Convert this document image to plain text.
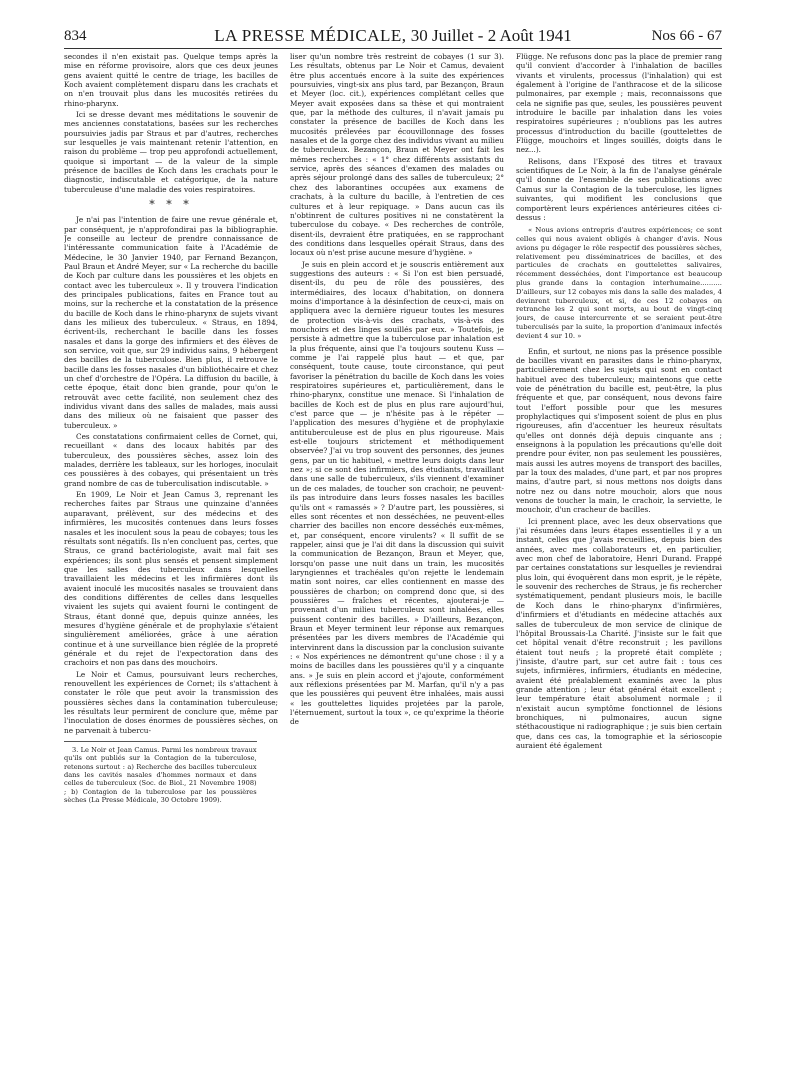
834	LA PRESSE MÉDICALE, 30 Juillet - 2 Août 1941	Nos 66 - 67

secondes il n'en existait pas. Quelque temps après la mise en réforme provisoire, alors que ces deux jeunes gens avaient quitté le centre de triage, les bacilles de Koch avaient complètement disparu dans les crachats et on n'en trouvait plus dans les mucosités retirées du rhino-pharynx.

Ici se dresse devant mes méditations le souvenir de mes anciennes constatations, basées sur les recherches poursuivies jadis par Straus et par d'autres, recherches sur lesquelles je vais maintenant retenir l'attention, en raison du problème — trop peu approfondi actuellement, quoique si important — de la valeur de la simple présence de bacilles de Koch dans les crachats pour le diagnostic, indiscutable et catégorique, de la nature tuberculeuse d'une maladie des voies respiratoires.

* * *

Je n'ai pas l'intention de faire une revue générale et, par conséquent, je n'approfondirai pas la bibliographie. Je conseille au lecteur de prendre connaissance de l'intéressante communication faite à l'Académie de Médecine, le 30 Janvier 1940, par Fernand Bezançon, Paul Braun et André Meyer, sur « La recherche du bacille de Koch par culture dans les poussières et les objets en contact avec les tuberculeux ». Il y trouvera l'indication des principales publications, faites en France tout au moins, sur la recherche et la constatation de la présence du bacille de Koch dans le rhino-pharynx de sujets vivant dans les milieux des tuberculeux. « Straus, en 1894, écrivent-ils, recherchant le bacille dans les fosses nasales et dans la gorge des infirmiers et des élèves de son service, voit que, sur 29 individus sains, 9 hébergent des bacilles de la tuberculose. Bien plus, il retrouve le bacille dans les fosses nasales d'un bibliothécaire et chez un chef d'orchestre de l'Opéra. La diffusion du bacille, à cette époque, était donc bien grande, pour qu'on le retrouvât avec cette facilité, non seulement chez des individus vivant dans des salles de malades, mais aussi dans des milieux où ne faisaient que passer des tuberculeux. »

Ces constatations confirmaient celles de Cornet, qui, recueillant « dans des locaux habités par des tuberculeux, des poussières sèches, assez loin des malades, derrière les tableaux, sur les horloges, inoculait ces poussières à des cobayes, qui présentaient un très grand nombre de cas de tuberculisation indiscutable. »

En 1909, Le Noir et Jean Camus 3, reprenant les recherches faites par Straus une quinzaine d'années auparavant, prélèvent, sur des médecins et des infirmières, les mucosités contenues dans leurs fosses nasales et les inoculent sous la peau de cobayes; tous les résultats sont négatifs. Ils n'en concluent pas, certes, que Straus, ce grand bactériologiste, avait mal fait ses expériences; ils sont plus sensés et pensent simplement que les salles des tuberculeux dans lesquelles travaillaient les médecins et les infirmières dont ils avaient inoculé les mucosités nasales se trouvaient dans des conditions différentes de celles dans lesquelles vivaient les sujets qui avaient fourni le contingent de Straus, étant donné que, depuis quinze années, les mesures d'hygiène générale et de prophylaxie s'étaient singulièrement améliorées, grâce à une aération continue et à une surveillance bien réglée de la propreté générale et du rejet de l'expectoration dans des crachoirs et non pas dans des mouchoirs.

Le Noir et Camus, poursuivant leurs recherches, renouvellent les expériences de Cornet; ils s'attachent à constater le rôle que peut avoir la transmission des poussières sèches dans la contamination tuberculeuse; les résultats leur permirent de conclure que, même par l'inoculation de doses énormes de poussières sèches, on ne parvenait à tubercu-

3. Le Noir et Jean Camus. Parmi les nombreux travaux qu'ils ont publiés sur la Contagion de la tuberculose, retenons surtout : a) Recherche des bacilles tuberculeux dans les cavités nasales d'hommes normaux et dans celles de tuberculeux (Soc. de Biol., 21 Novembre 1908) ; b) Contagion de la tuberculose par les poussières sèches (La Presse Médicale, 30 Octobre 1909).

liser qu'un nombre très restreint de cobayes (1 sur 3). Les résultats, obtenus par Le Noir et Camus, devaient être plus accentués encore à la suite des expériences poursuivies, vingt-six ans plus tard, par Bezançon, Braun et Meyer (loc. cit.), expériences complétant celles que Meyer avait exposées dans sa thèse et qui montraient que, par la méthode des cultures, il n'avait jamais pu constater la présence de bacilles de Koch dans les mucosités prélevées par écouvillonnage des fosses nasales et de la gorge chez des individus vivant au milieu de tuberculeux. Bezançon, Braun et Meyer ont fait les mêmes recherches : « 1° chez différents assistants du service, après des séances d'examen des malades ou après séjour prolongé dans des salles de tuberculeux; 2° chez des laborantines occupées aux examens de crachats, à la culture du bacille, à l'entretien de ces cultures et à leur repiquage. » Dans aucun cas ils n'obtinrent de cultures positives ni ne constatèrent la tuberculose du cobaye. « Des recherches de contrôle, disent-ils, devraient être pratiquées, en se rapprochant des conditions dans lesquelles opérait Straus, dans des locaux où n'est prise aucune mesure d'hygiène. »

Je suis en plein accord et je souscris entièrement aux suggestions des auteurs : « Si l'on est bien persuadé, disent-ils, du peu de rôle des poussières, des intermédiaires, des locaux d'habitation, on donnera moins d'importance à la désinfection de ceux-ci, mais on appliquera avec la dernière rigueur toutes les mesures de protection vis-à-vis des crachats, vis-à-vis des mouchoirs et des linges souillés par eux. » Toutefois, je persiste à admettre que la tuberculose par inhalation est la plus fréquente, ainsi que l'a toujours soutenu Kuss — comme je l'ai rappelé plus haut — et que, par conséquent, toute cause, toute circonstance, qui peut favoriser la pénétration du bacille de Koch dans les voies respiratoires supérieures et, particulièrement, dans le rhino-pharynx, constitue une menace. Si l'inhalation de bacilles de Koch est de plus en plus rare aujourd'hui, c'est parce que — je n'hésite pas à le répéter — l'application des mesures d'hygiène et de prophylaxie antituberculeuse est de plus en plus rigoureuse. Mais est-elle toujours strictement et méthodiquement observée? J'ai vu trop souvent des personnes, des jeunes gens, par un tic habituel, « mettre leurs doigts dans leur nez »; si ce sont des infirmiers, des étudiants, travaillant dans une salle de tuberculeux, s'ils viennent d'examiner un de ces malades, de toucher son crachoir, ne peuvent-ils pas introduire dans leurs fosses nasales les bacilles qu'ils ont « ramassés » ? D'autre part, les poussières, si elles sont récentes et non desséchées, ne peuvent-elles charrier des bacilles non encore desséchés eux-mêmes, et, par conséquent, encore virulents? « Il suffit de se rappeler, ainsi que je l'ai dit dans la discussion qui suivit la communication de Bezançon, Braun et Meyer, que, lorsqu'on passe une nuit dans un train, les mucosités laryngiennes et trachéales qu'on rejette le lendemain matin sont noires, car elles contiennent en masse des poussières de charbon; on comprend donc que, si des poussières — fraîches et récentes, ajouterai-je — provenant d'un milieu tuberculeux sont inhalées, elles puissent contenir des bacilles. » D'ailleurs, Bezançon, Braun et Meyer terminent leur réponse aux remarques présentées par les divers membres de l'Académie qui intervinrent dans la discussion par la conclusion suivante : « Nos expériences ne démontrent qu'une chose : il y a moins de bacilles dans les poussières qu'il y a cinquante ans. » Je suis en plein accord et j'ajoute, conformément aux réflexions présentées par M. Marfan, qu'il n'y a pas que les poussières qui peuvent être inhalées, mais aussi « les gouttelettes liquides projetées par la parole, l'éternuement, surtout la toux », ce qu'exprime la théorie de

Flügge. Ne refusons donc pas la place de premier rang qu'il convient d'accorder à l'inhalation de bacilles vivants et virulents, processus (l'inhalation) qui est également à l'origine de l'anthracose et de la silicose pulmonaires, par exemple ; mais, reconnaissons que cela ne signifie pas que, seules, les poussières peuvent introduire le bacille par inhalation dans les voies respiratoires supérieures ; n'oublions pas les autres processus d'introduction du bacille (gouttelettes de Flügge, mouchoirs et linges souillés, doigts dans le nez...).

Relisons, dans l'Exposé des titres et travaux scientifiques de Le Noir, à la fin de l'analyse générale qu'il donne de l'ensemble de ses publications avec Camus sur la Contagion de la tuberculose, les lignes suivantes, qui modifient les conclusions que comportèrent leurs expériences antérieures citées ci-dessus :

« Nous avions entrepris d'autres expériences; ce sont celles qui nous avaient obligés à changer d'avis. Nous avions pu dégager le rôle respectif des poussières sèches, relativement peu disséminatrices de bacilles, et des particules de crachats en gouttelettes salivaires, récemment desséchées, dont l'importance est beaucoup plus grande dans la contagion interhumaine.......... D'ailleurs, sur 12 cobayes mis dans la salle des malades, 4 devinrent tuberculeux, et si, de ces 12 cobayes on retranche les 2 qui sont morts, au bout de vingt-cinq jours, de cause intercurrente et se seraient peut-être tuberculisés par la suite, la proportion d'animaux infectés devient 4 sur 10. »

Enfin, et surtout, ne nions pas la présence possible de bacilles vivant en parasites dans le rhino-pharynx, particulièrement chez les sujets qui sont en contact habituel avec des tuberculeux; maintenons que cette voie de pénétration du bacille est, peut-être, la plus fréquente et que, par conséquent, nous devons faire tout l'effort possible pour que les mesures prophylactiques qui s'imposent soient de plus en plus rigoureuses, afin d'accentuer les heureux résultats qu'elles ont donnés déjà depuis cinquante ans ; enseignons à la population les précautions qu'elle doit prendre pour éviter, non pas seulement les poussières, mais aussi les autres moyens de transport des bacilles, par la toux des malades, d'une part, et par nos propres mains, d'autre part, si nous mettons nos doigts dans notre nez ou dans notre mouchoir, alors que nous venons de toucher la main, le crachoir, la serviette, le mouchoir, d'un cracheur de bacilles.

Ici prennent place, avec les deux observations que j'ai résumées dans leurs étapes essentielles il y a un instant, celles que j'avais recueillies, depuis bien des années, avec mes collaborateurs et, en particulier, avec mon chef de laboratoire, Henri Durand. Frappé par certaines constatations sur lesquelles je reviendrai plus loin, qui évoquèrent dans mon esprit, je le répète, le souvenir des recherches de Straus, je fis rechercher systématiquement, pendant plusieurs mois, le bacille de Koch dans le rhino-pharynx d'infirmières, d'infirmiers et d'étudiants en médecine attachés aux salles de tuberculeux de mon service de clinique de l'hôpital Broussais-La Charité. J'insiste sur le fait que cet hôpital venait d'être reconstruit ; les pavillons étaient tout neufs ; la propreté était complète ; j'insiste, d'autre part, sur cet autre fait : tous ces sujets, infirmières, infirmiers, étudiants en médecine, avaient été préalablement examinés avec la plus grande attention ; leur état général était excellent ; leur température était absolument normale ; il n'existait aucun symptôme fonctionnel de lésions bronchiques, ni pulmonaires, aucun signe stéthacoustique ni radiographique ; je suis bien certain que, dans ces cas, la tomographie et la sérioscopie auraient été également
